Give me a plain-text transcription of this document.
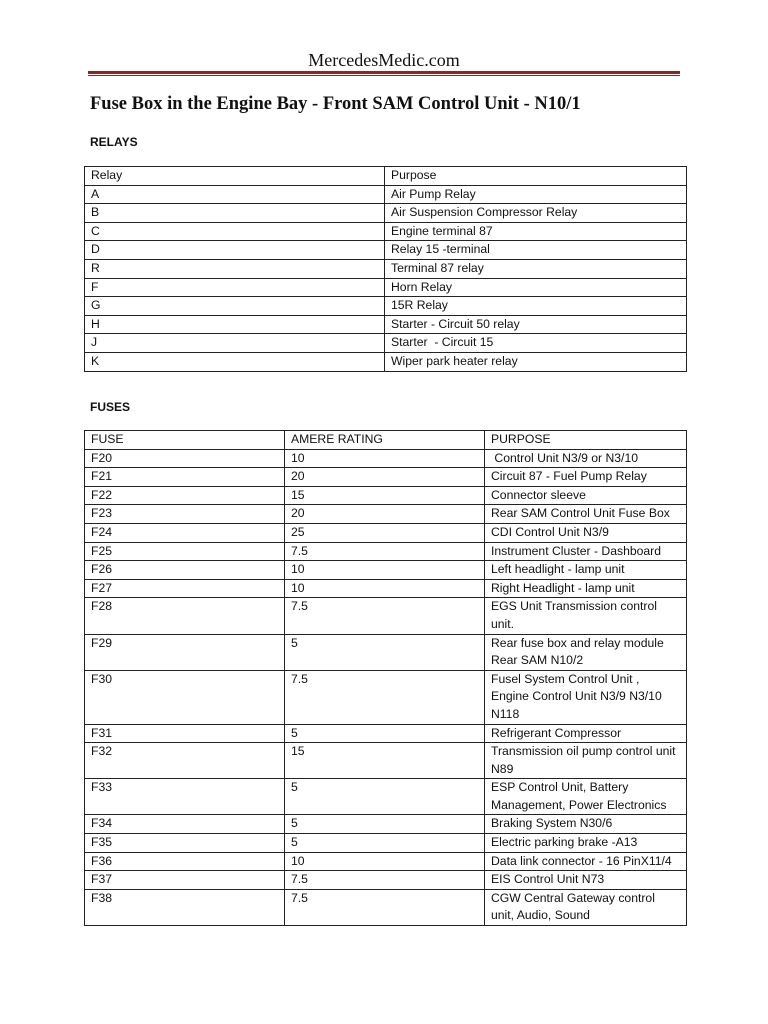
MercedesMedic.com
Fuse Box in the Engine Bay - Front SAM Control Unit - N10/1
RELAYS
Relay	Purpose
A	Air Pump Relay
B	Air Suspension Compressor Relay
C	Engine terminal 87
D	Relay 15 -terminal
R	Terminal 87 relay
F	Horn Relay
G	15R Relay
H	Starter - Circuit 50 relay
J	Starter  - Circuit 15
K	Wiper park heater relay
FUSES
FUSE	AMERE RATING	PURPOSE
F20	10	Control Unit N3/9 or N3/10
F21	20	Circuit 87 - Fuel Pump Relay
F22	15	Connector sleeve
F23	20	Rear SAM Control Unit Fuse Box
F24	25	CDI Control Unit N3/9
F25	7.5	Instrument Cluster - Dashboard
F26	10	Left headlight - lamp unit
F27	10	Right Headlight - lamp unit
F28	7.5	EGS Unit Transmission control unit.
F29	5	Rear fuse box and relay module Rear SAM N10/2
F30	7.5	Fusel System Control Unit , Engine Control Unit N3/9 N3/10 N118
F31	5	Refrigerant Compressor
F32	15	Transmission oil pump control unit N89
F33	5	ESP Control Unit, Battery Management, Power Electronics
F34	5	Braking System N30/6
F35	5	Electric parking brake -A13
F36	10	Data link connector - 16 PinX11/4
F37	7.5	EIS Control Unit N73
F38	7.5	CGW Central Gateway control unit, Audio, Sound
